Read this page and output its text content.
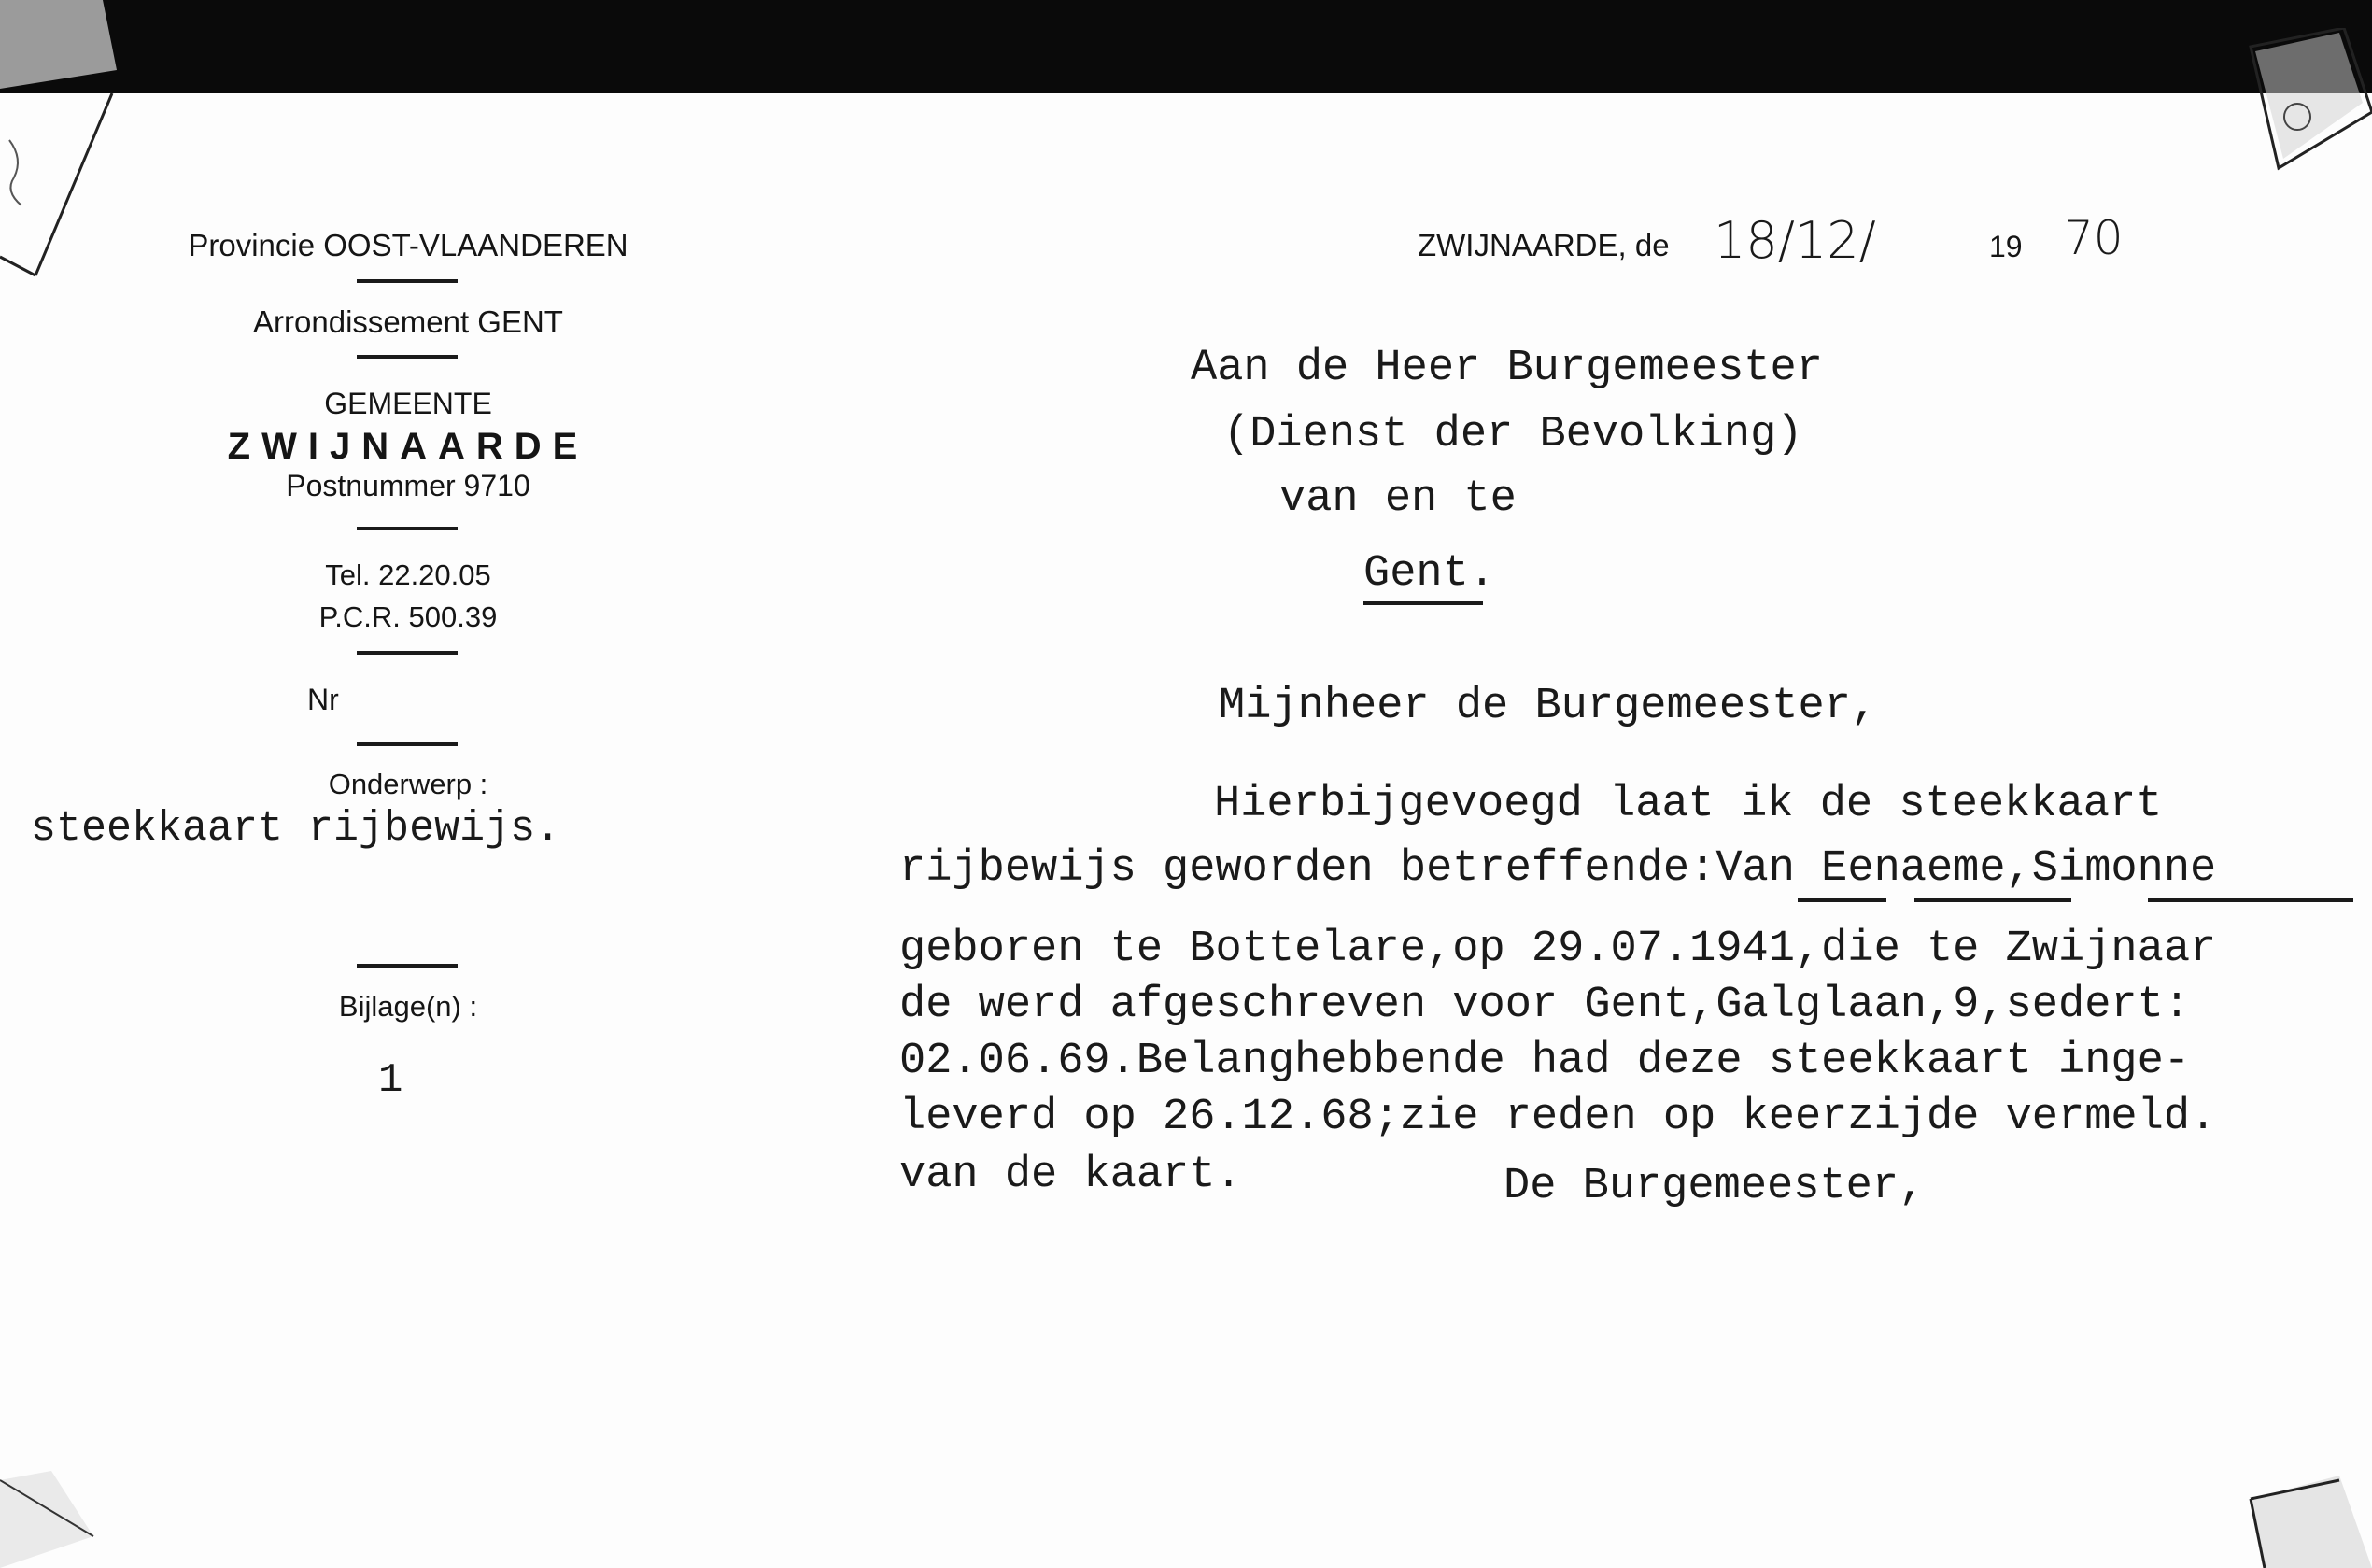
Provincie OOST-VLAANDEREN
Arrondissement GENT
GEMEENTE
ZWIJNAARDE
Postnummer 9710
Tel. 22.20.05
P.C.R. 500.39
Nr
Onderwerp :
steekkaart rijbewijs.
Bijlage(n) :
1
ZWIJNAARDE, de 18/12/	19 70
Aan de Heer Burgemeester
(Dienst der Bevolking)
van en te
Gent.
Mijnheer de Burgemeester,
Hierbijgevoegd laat ik de steekkaart
rijbewijs geworden betreffende:Van Eenaeme,Simonne
geboren te Bottelare,op 29.07.1941,die te Zwijnaar
de werd afgeschreven voor Gent,Galglaan,9,sedert:
02.06.69.Belanghebbende had deze steekkaart inge-
leverd op 26.12.68;zie reden op keerzijde vermeld.
van de kaart.	De Burgemeester,
